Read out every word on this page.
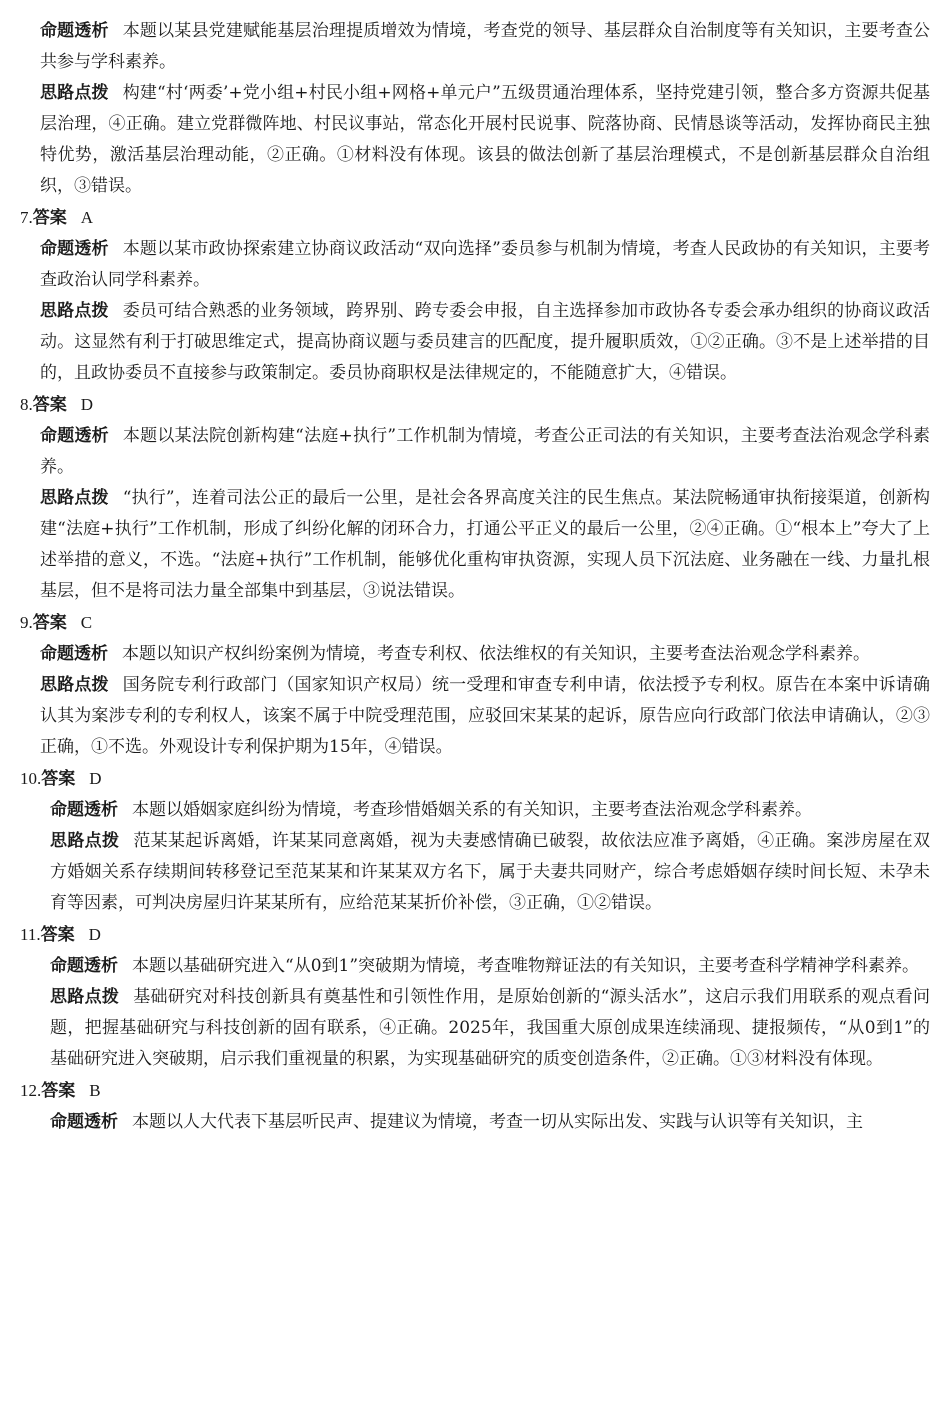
命题透析 本题以某县党建赋能基层治理提质增效为情境，考查党的领导、基层群众自治制度等有关知识，主要考查公共参与学科素养。

思路点拨 构建“村‘两委’+党小组+村民小组+网格+单元户”五级贯通治理体系，坚持党建引领，整合多方资源共促基层治理，④正确。建立党群微阵地、村民议事站，常态化开展村民说事、院落协商、民情恳谈等活动，发挥协商民主独特优势，激活基层治理动能，②正确。①材料没有体现。该县的做法创新了基层治理模式，不是创新基层群众自治组织，③错误。

7.答案 A

命题透析 本题以某市政协探索建立协商议政活动“双向选择”委员参与机制为情境，考查人民政协的有关知识，主要考查政治认同学科素养。

思路点拨 委员可结合熟悉的业务领域，跨界别、跨专委会申报，自主选择参加市政协各专委会承办组织的协商议政活动。这显然有利于打破思维定式，提高协商议题与委员建言的匹配度，提升履职质效，①②正确。③不是上述举措的目的，且政协委员不直接参与政策制定。委员协商职权是法律规定的，不能随意扩大，④错误。

8.答案 D

命题透析 本题以某法院创新构建“法庭+执行”工作机制为情境，考查公正司法的有关知识，主要考查法治观念学科素养。

思路点拨 “执行”，连着司法公正的最后一公里，是社会各界高度关注的民生焦点。某法院畅通审执衔接渠道，创新构建“法庭+执行”工作机制，形成了纠纷化解的闭环合力，打通公平正义的最后一公里，②④正确。①“根本上”夸大了上述举措的意义，不选。“法庭+执行”工作机制，能够优化重构审执资源，实现人员下沉法庭、业务融在一线、力量扎根基层，但不是将司法力量全部集中到基层，③说法错误。

9.答案 C

命题透析 本题以知识产权纠纷案例为情境，考查专利权、依法维权的有关知识，主要考查法治观念学科素养。

思路点拨 国务院专利行政部门（国家知识产权局）统一受理和审查专利申请，依法授予专利权。原告在本案中诉请确认其为案涉专利的专利权人，该案不属于中院受理范围，应驳回宋某某的起诉，原告应向行政部门依法申请确认，②③正确，①不选。外观设计专利保护期为15年，④错误。

10.答案 D

命题透析 本题以婚姻家庭纠纷为情境，考查珍惜婚姻关系的有关知识，主要考查法治观念学科素养。

思路点拨 范某某起诉离婚，许某某同意离婚，视为夫妻感情确已破裂，故依法应准予离婚，④正确。案涉房屋在双方婚姻关系存续期间转移登记至范某某和许某某双方名下，属于夫妻共同财产，综合考虑婚姻存续时间长短、未孕未育等因素，可判决房屋归许某某所有，应给范某某折价补偿，③正确，①②错误。

11.答案 D

命题透析 本题以基础研究进入“从0到1”突破期为情境，考查唯物辩证法的有关知识，主要考查科学精神学科素养。

思路点拨 基础研究对科技创新具有奠基性和引领性作用，是原始创新的“源头活水”，这启示我们用联系的观点看问题，把握基础研究与科技创新的固有联系，④正确。2025年，我国重大原创成果连续涌现、捷报频传，“从0到1”的基础研究进入突破期，启示我们重视量的积累，为实现基础研究的质变创造条件，②正确。①③材料没有体现。

12.答案 B

命题透析 本题以人大代表下基层听民声、提建议为情境，考查一切从实际出发、实践与认识等有关知识，主
